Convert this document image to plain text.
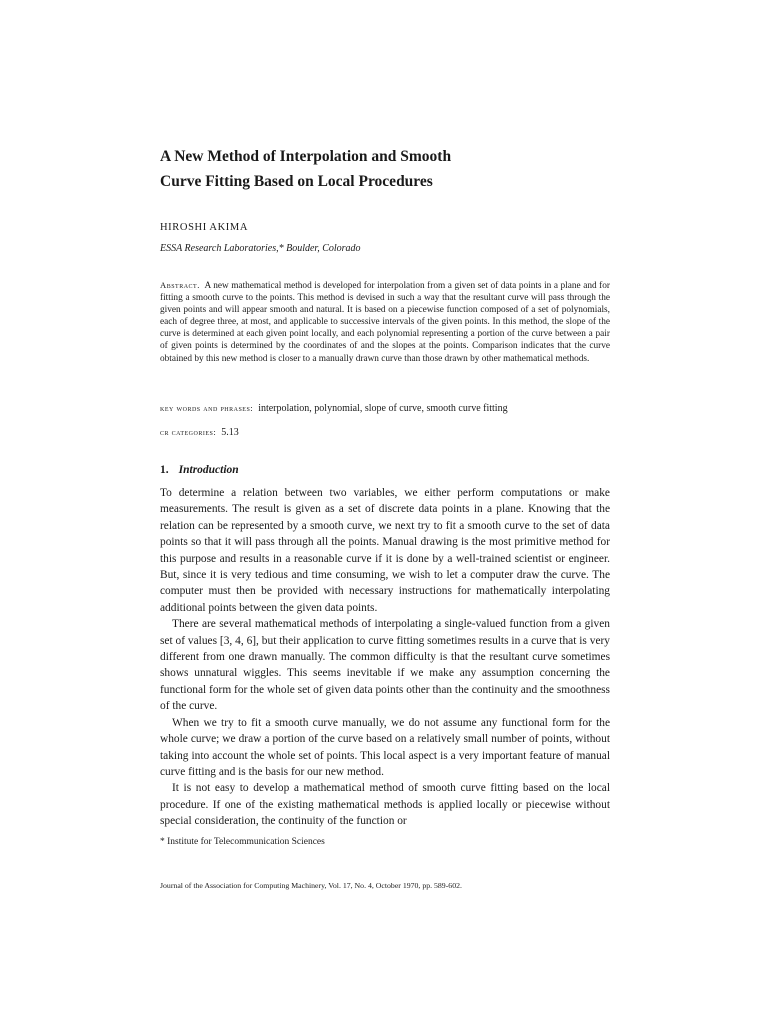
A New Method of Interpolation and Smooth
Curve Fitting Based on Local Procedures

HIROSHI AKIMA

ESSA Research Laboratories,* Boulder, Colorado

Abstract. A new mathematical method is developed for interpolation from a given set of data points in a plane and for fitting a smooth curve to the points. This method is devised in such a way that the resultant curve will pass through the given points and will appear smooth and natural. It is based on a piecewise function composed of a set of polynomials, each of degree three, at most, and applicable to successive intervals of the given points. In this method, the slope of the curve is determined at each given point locally, and each polynomial representing a portion of the curve between a pair of given points is determined by the coordinates of and the slopes at the points. Comparison indicates that the curve obtained by this new method is closer to a manually drawn curve than those drawn by other mathematical methods.

key words and phrases: interpolation, polynomial, slope of curve, smooth curve fitting

cr categories: 5.13

1. Introduction

To determine a relation between two variables, we either perform computations or make measurements. The result is given as a set of discrete data points in a plane. Knowing that the relation can be represented by a smooth curve, we next try to fit a smooth curve to the set of data points so that it will pass through all the points. Manual drawing is the most primitive method for this purpose and results in a reasonable curve if it is done by a well-trained scientist or engineer. But, since it is very tedious and time consuming, we wish to let a computer draw the curve. The computer must then be provided with necessary instructions for mathematically interpolating additional points between the given data points.

There are several mathematical methods of interpolating a single-valued function from a given set of values [3, 4, 6], but their application to curve fitting sometimes results in a curve that is very different from one drawn manually. The common difficulty is that the resultant curve sometimes shows unnatural wiggles. This seems inevitable if we make any assumption concerning the functional form for the whole set of given data points other than the continuity and the smoothness of the curve.

When we try to fit a smooth curve manually, we do not assume any functional form for the whole curve; we draw a portion of the curve based on a relatively small number of points, without taking into account the whole set of points. This local aspect is a very important feature of manual curve fitting and is the basis for our new method.

It is not easy to develop a mathematical method of smooth curve fitting based on the local procedure. If one of the existing mathematical methods is applied locally or piecewise without special consideration, the continuity of the function or

* Institute for Telecommunication Sciences

Journal of the Association for Computing Machinery, Vol. 17, No. 4, October 1970, pp. 589-602.
